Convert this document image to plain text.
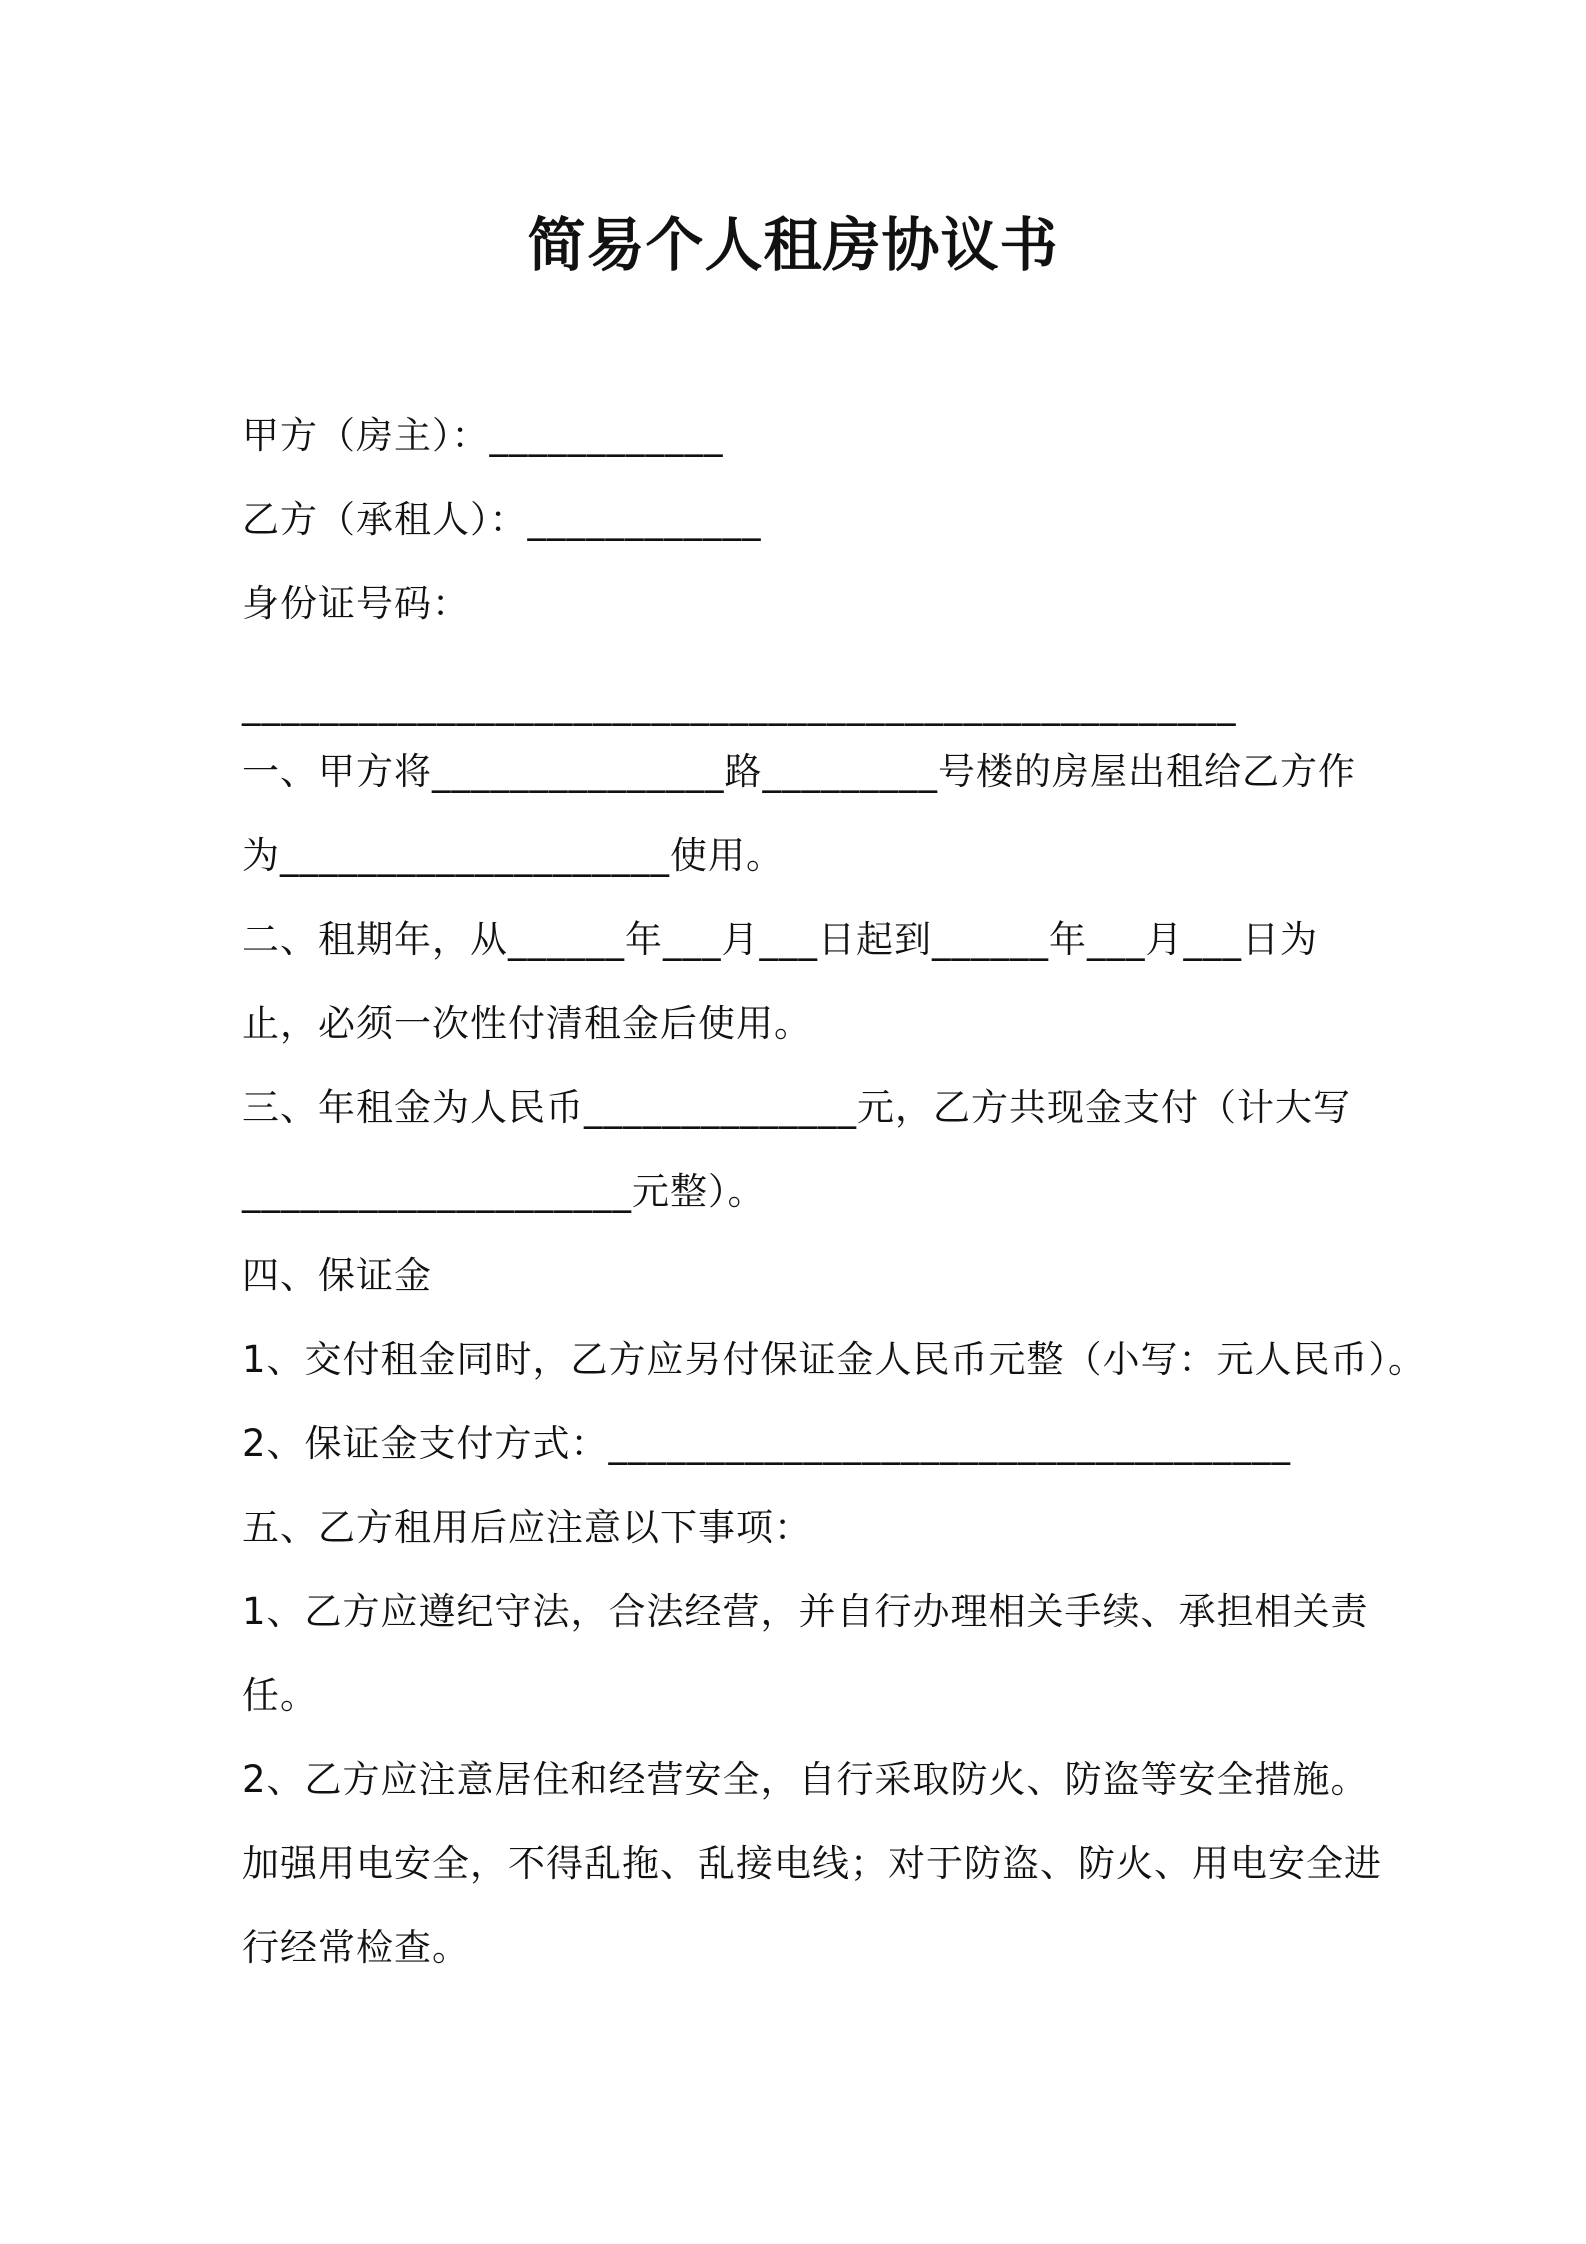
简易个人租房协议书
甲方（房主）：____________
乙方（承租人）：____________
身份证号码：
___________________________________________________
一、甲方将_______________路_________号楼的房屋出租给乙方作
为____________________使用。
二、租期年，从______年___月___日起到______年___月___日为
止，必须一次性付清租金后使用。
三、年租金为人民币______________元，乙方共现金支付（计大写
____________________元整）。
四、保证金
1、交付租金同时，乙方应另付保证金人民币元整（小写：元人民币）。
2、保证金支付方式：___________________________________
五、乙方租用后应注意以下事项：
1、乙方应遵纪守法，合法经营，并自行办理相关手续、承担相关责
任。
2、乙方应注意居住和经营安全，自行采取防火、防盗等安全措施。
加强用电安全，不得乱拖、乱接电线；对于防盗、防火、用电安全进
行经常检查。
